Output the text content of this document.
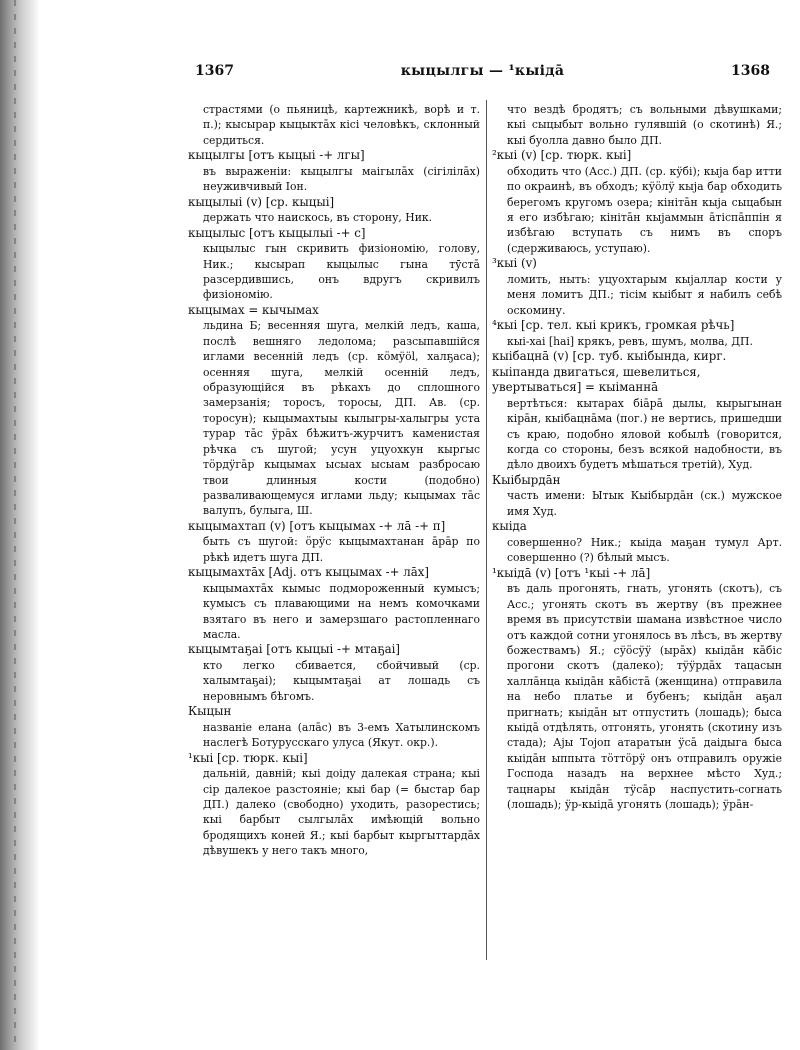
1367	кыцылгы — ¹кыiдā	1368

страстями (о пьяницѣ, картежникѣ, ворѣ и т. п.); кысырар кыцыктāх кiсi человѣкъ, склонный сердиться.

кыцылгы [отъ кыцыi -+ лгы]

въ выраженiи: кыцылгы маiгылāх (сiгiлiлāх) неуживчивый Iон.

кыцылыi (v) [ср. кыцыi]

держать что наискось, въ сторону, Ник.

кыцылыс [отъ кыцылыi -+ с]

кыцылыс гын скривить физiономiю, голову, Ник.; кысырап кыцылыс гына тӯстā разсердившись, онъ вдругъ скривилъ физiономiю.

кыцымах = кычымах

льдина Б; весенняя шуга, мелкiй ледъ, каша, послѣ вешняго ледолома; разсыпавшiйся иглами весеннiй ледъ (ср. кӧмӱöl, халҕаса); осенняя шуга, мелкiй осеннiй ледъ, образующiйся въ рѣкахъ до сплошного замерзанiя; торосъ, торосы, ДП. Ав. (ср. торосун); кыцымахтыы кылыгры-халыгры уста турар тāс ӱрāх бѣжитъ-журчитъ каменистая рѣчка съ шугой; усун уцуохкун кыргыс тӧрдӱгāр кыцымах ысыах ысыам разбросаю твои длинныя кости (подобно) разваливающемуся иглами льду; кыцымах тāс валупъ, булыга, Ш.

кыцымахтап (v) [отъ кыцымах -+ лā -+ п]

быть съ шугой: ӧрӱс кыцымахтанан āрāр по рѣкѣ идетъ шуга ДП.

кыцымахтāх [Adj. отъ кыцымах -+ лāх]

кыцымахтāх кымыс подмороженный кумысъ; кумысъ съ плавающими на немъ комочками взятаго въ него и замерзшаго растопленнаго масла.

кыцымтаҕаi [отъ кыцыi -+ мтаҕаi]

кто легко сбивается, сбойчивый (ср. халымтаҕаi); кыцымтаҕаi ат лошадь съ неровнымъ бѣгомъ.

Кыцын

названiе елана (алāс) въ 3-емъ Хатылинскомъ наслегѣ Ботурусскаго улуса (Якут. окр.).

¹кыi [ср. тюрк. кыi]

дальнiй, давнiй; кыi доiду далекая страна; кыi сiр далекое разстоянiе; кыi бар (= быстар бар ДП.) далеко (свободно) уходить, разорестись; кыi барбыт сылгылāх имѣющiй вольно бродящихъ коней Я.; кыi барбыт кыргыттардāх дѣвушекъ у него такъ много,

что вездѣ бродятъ; съ вольными дѣвушками; кыi сыцыбыт вольно гулявшiй (о скотинѣ) Я.; кыi буолла давно было ДП.

²кыi (v) [ср. тюрк. кыi]

обходить что (Асс.) ДП. (ср. кӱбi); кыја бар итти по окраинѣ, въ обходъ; кӱӧлӱ кыја бар обходить берегомъ кругомъ озера; кiнiтāн кыја сыцабын я его избѣгаю; кiнiтāн кыјаммын āтiспāппiн я избѣгаю вступать съ нимъ въ споръ (сдерживаюсь, уступаю).

³кыi (v)

ломить, ныть: уцуохтарым кыјаллар кости у меня ломитъ ДП.; тiсiм кыiбыт я набилъ себѣ оскомину.

⁴кыi [ср. тел. кыi крикъ, громкая рѣчь]

кыi-хаi [hai] крякъ, ревъ, шумъ, молва, ДП.

кыiбацнā (v) [ср. туб. кыiбында, кирг. кыiпанда двигаться, шевелиться, увертываться] = кыiманнā

вертѣться: кытарах бiāрā дылы, кырыгынан кiрāн, кыiбацнāма (пог.) не вертись, пришедши съ краю, подобно яловой кобылѣ (говорится, когда со стороны, безъ всякой надобности, въ дѣло двоихъ будетъ мѣшаться третiй), Худ.

Кыiбырдāн

часть имени: Ытык Кыiбырдāн (ск.) мужское имя Худ.

кыiда

совершенно? Ник.; кыiда маҕан тумул Арт. совершенно (?) бѣлый мысъ.

¹кыiдā (v) [отъ ¹кыi -+ лā]

въ даль прогонять, гнать, угонять (скотъ), съ Асс.; угонять скотъ въ жертву (въ прежнее время въ присутствiи шамана извѣстное число отъ каждой сотни угонялось въ лѣсъ, въ жертву божествамъ) Я.; сӱӧсӱӱ (ырāх) кыiдāн кāбiс прогони скотъ (далеко); тӱӱрдāх тацасын халлāнца кыiдāн кāбiстā (женщина) отправила на небо платье и бубенъ; кыiдāн аҕал пригнать; кыiдāн ыт отпустить (лошадь); быса кыiдā отдѣлять, отгонять, угонять (скотину изъ стада); Аjы Тојоп атаратын ӱсā даiдыга быса кыiдāн ыппыта тӧттӧрӱ онъ отправилъ оружiе Господа назадъ на верхнее мѣсто Худ.; тацнары кыiдāн тӱсāр наспустить-согнать (лошадь); ӱр-кыiдā угонять (лошадь); ӱрāн-
